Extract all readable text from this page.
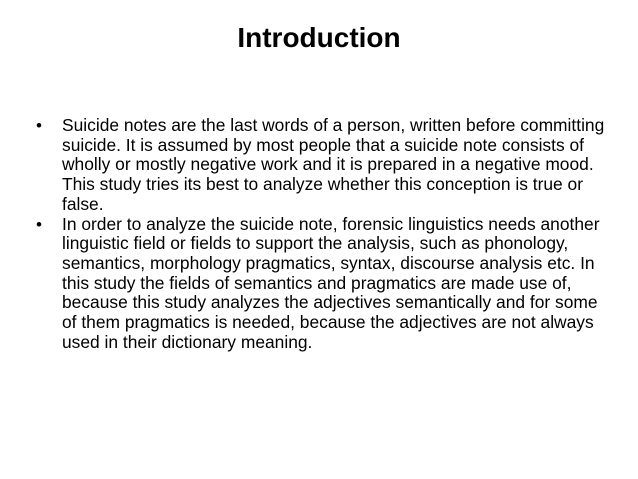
Introduction
•	Suicide notes are the last words of a person, written before committing suicide. It is assumed by most people that a suicide note consists of wholly or mostly negative work and it is prepared in a negative mood. This study tries its best to analyze whether this conception is true or false.
•	In order to analyze the suicide note, forensic linguistics needs another linguistic field or fields to support the analysis, such as phonology, semantics, morphology pragmatics, syntax, discourse analysis etc. In this study the fields of semantics and pragmatics are made use of, because this study analyzes the adjectives semantically and for some of them pragmatics is needed, because the adjectives are not always used in their dictionary meaning.
